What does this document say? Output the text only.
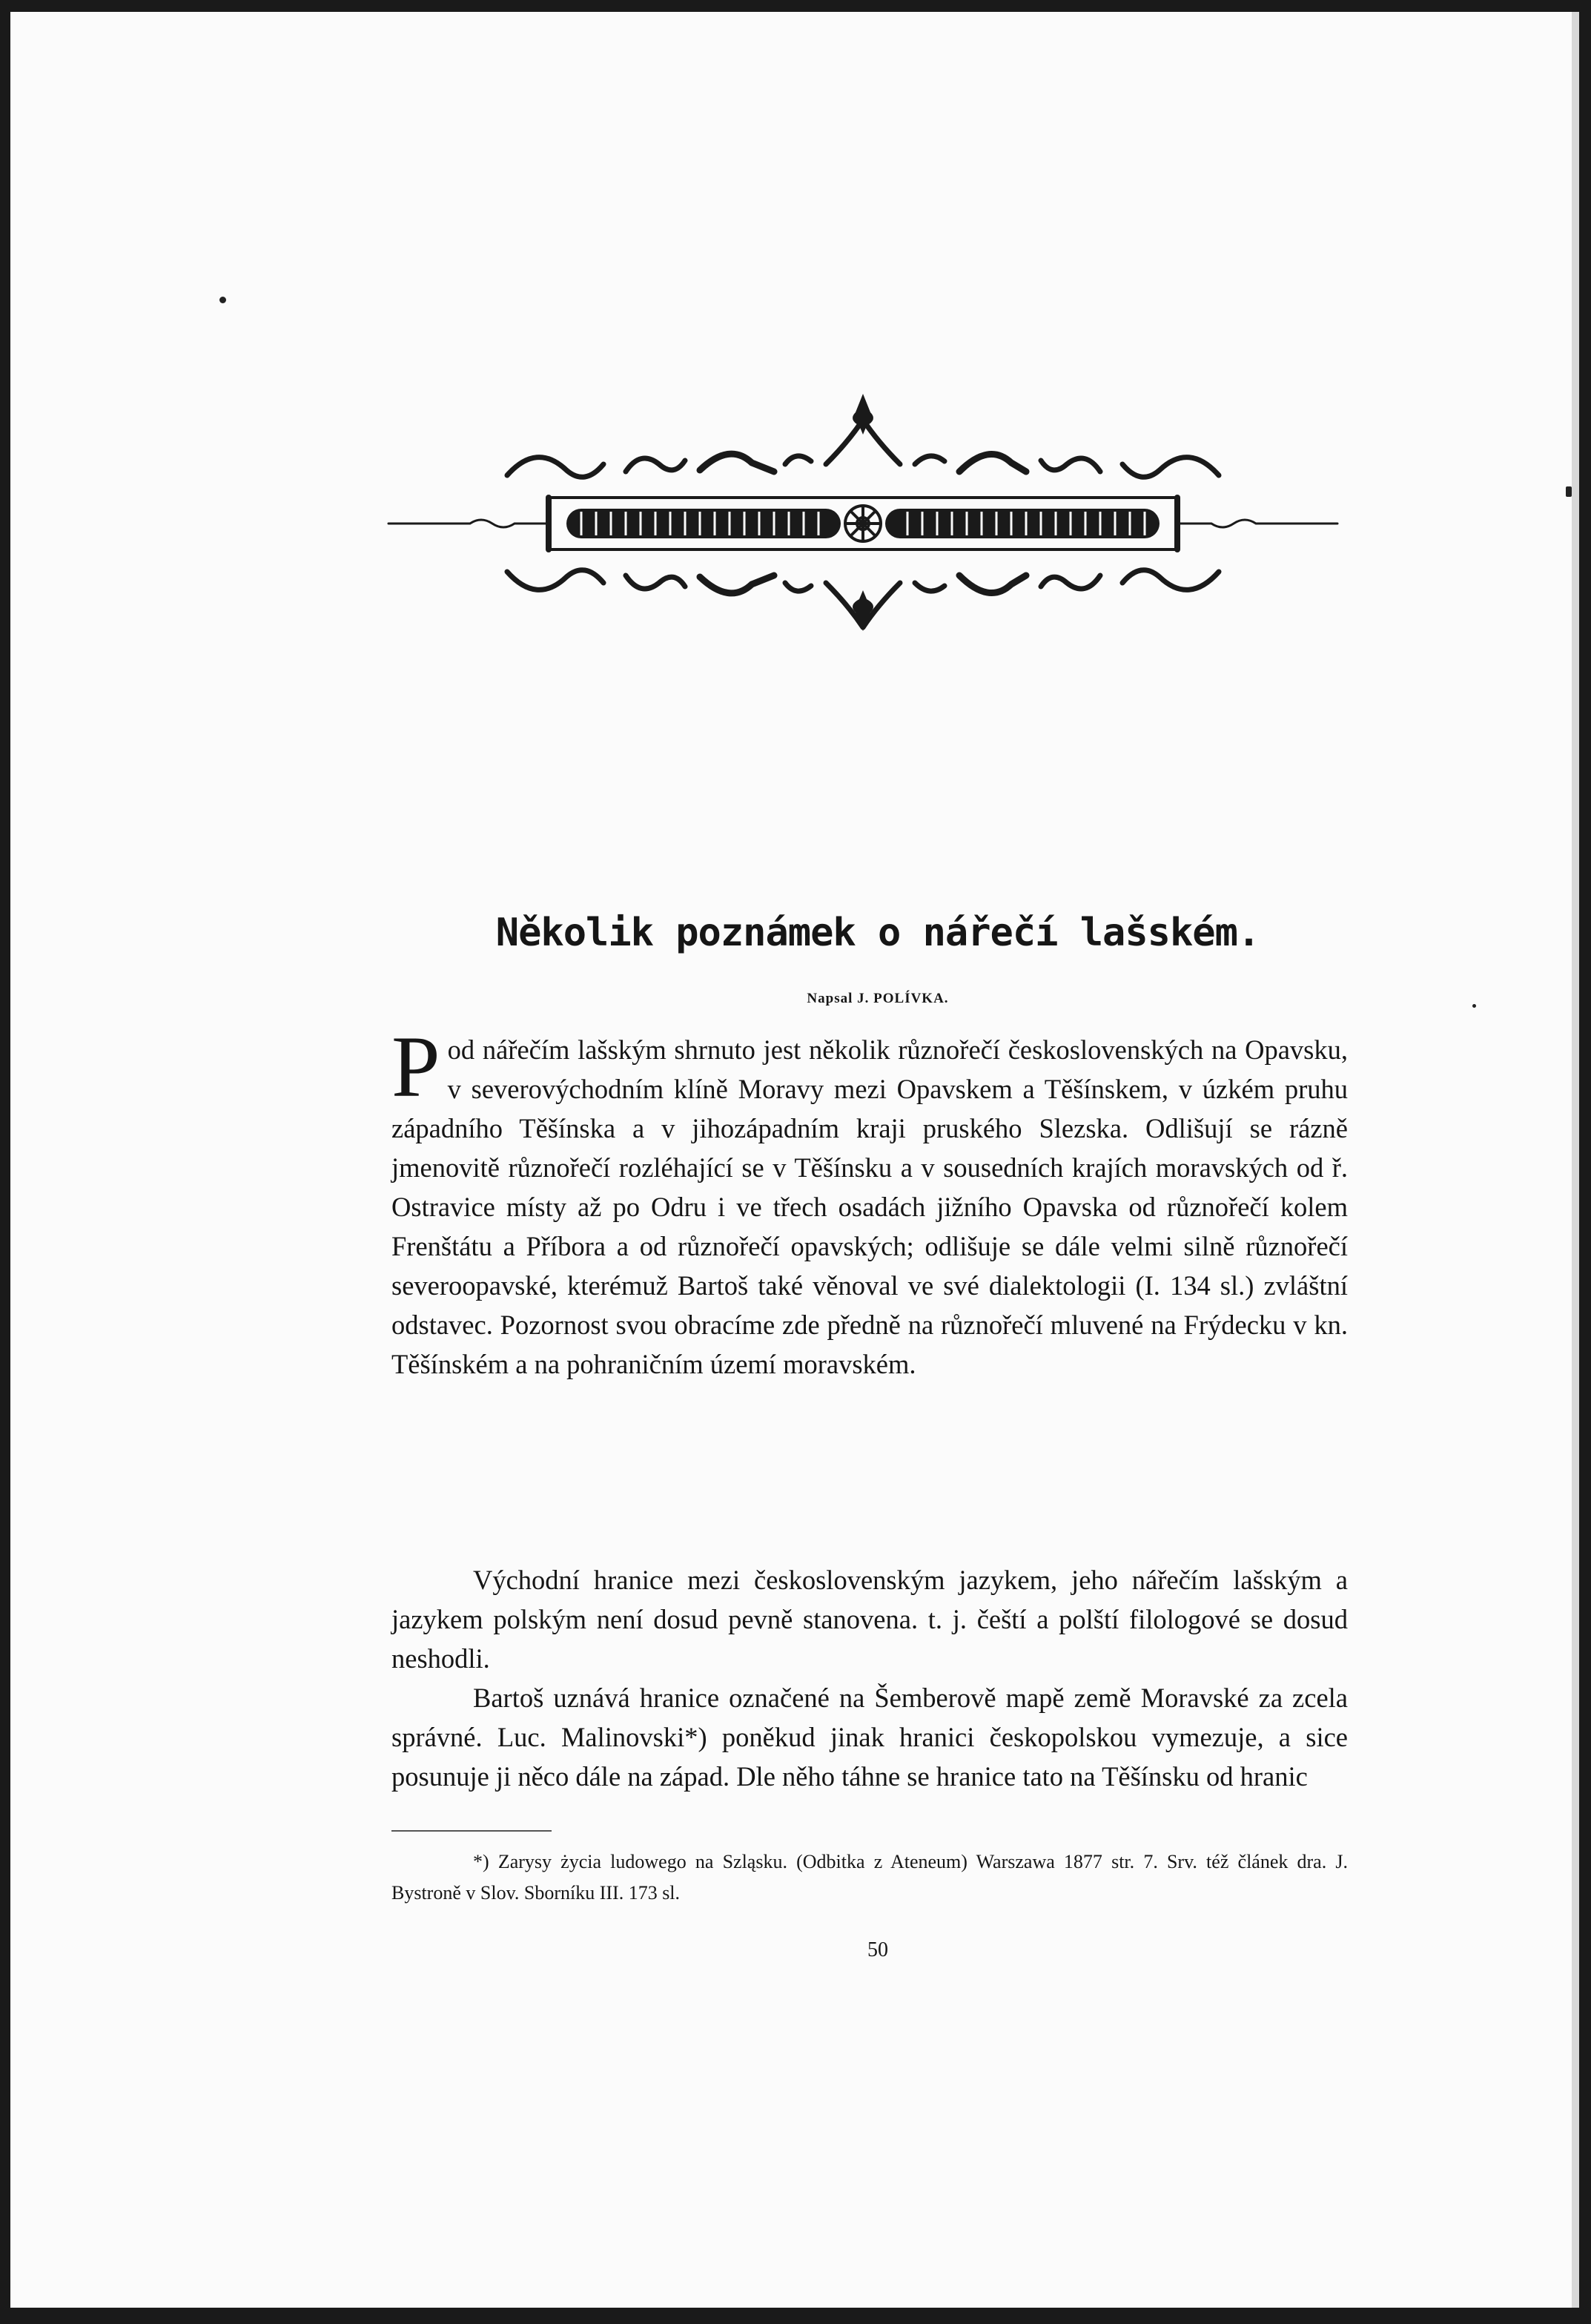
Několik poznámek o nářečí lašském.
Napsal J. POLÍVKA.
Pod nářečím lašským shrnuto jest několik různořečí československých na Opavsku, v severovýchodním klíně Moravy mezi Opavskem a Těšínskem, v úzkém pruhu západního Těšínska a v jihozápadním kraji pruského Slezska. Odlišují se rázně jmenovitě různořečí rozléhající se v Těšínsku a v sousedních krajích moravských od ř. Ostravice místy až po Odru i ve třech osadách jižního Opavska od různořečí kolem Frenštátu a Příbora a od různořečí opavských; odlišuje se dále velmi silně různořečí severoopavské, kterémuž Bartoš také věnoval ve své dialektologii (I. 134 sl.) zvláštní odstavec. Pozornost svou obracíme zde předně na různořečí mluvené na Frýdecku v kn. Těšínském a na pohraničním území moravském.
Východní hranice mezi československým jazykem, jeho nářečím lašským a jazykem polským není dosud pevně stanovena. t. j. čeští a polští filologové se dosud neshodli.
Bartoš uznává hranice označené na Šemberově mapě země Moravské za zcela správné. Luc. Malinovski*) poněkud jinak hranici českopolskou vymezuje, a sice posunuje ji něco dále na západ. Dle něho táhne se hranice tato na Těšínsku od hranic
*) Zarysy życia ludowego na Szląsku. (Odbitka z Ateneum) Warszawa 1877 str. 7. Srv. též článek dra. J. Bystroně v Slov. Sborníku III. 173 sl.
50
